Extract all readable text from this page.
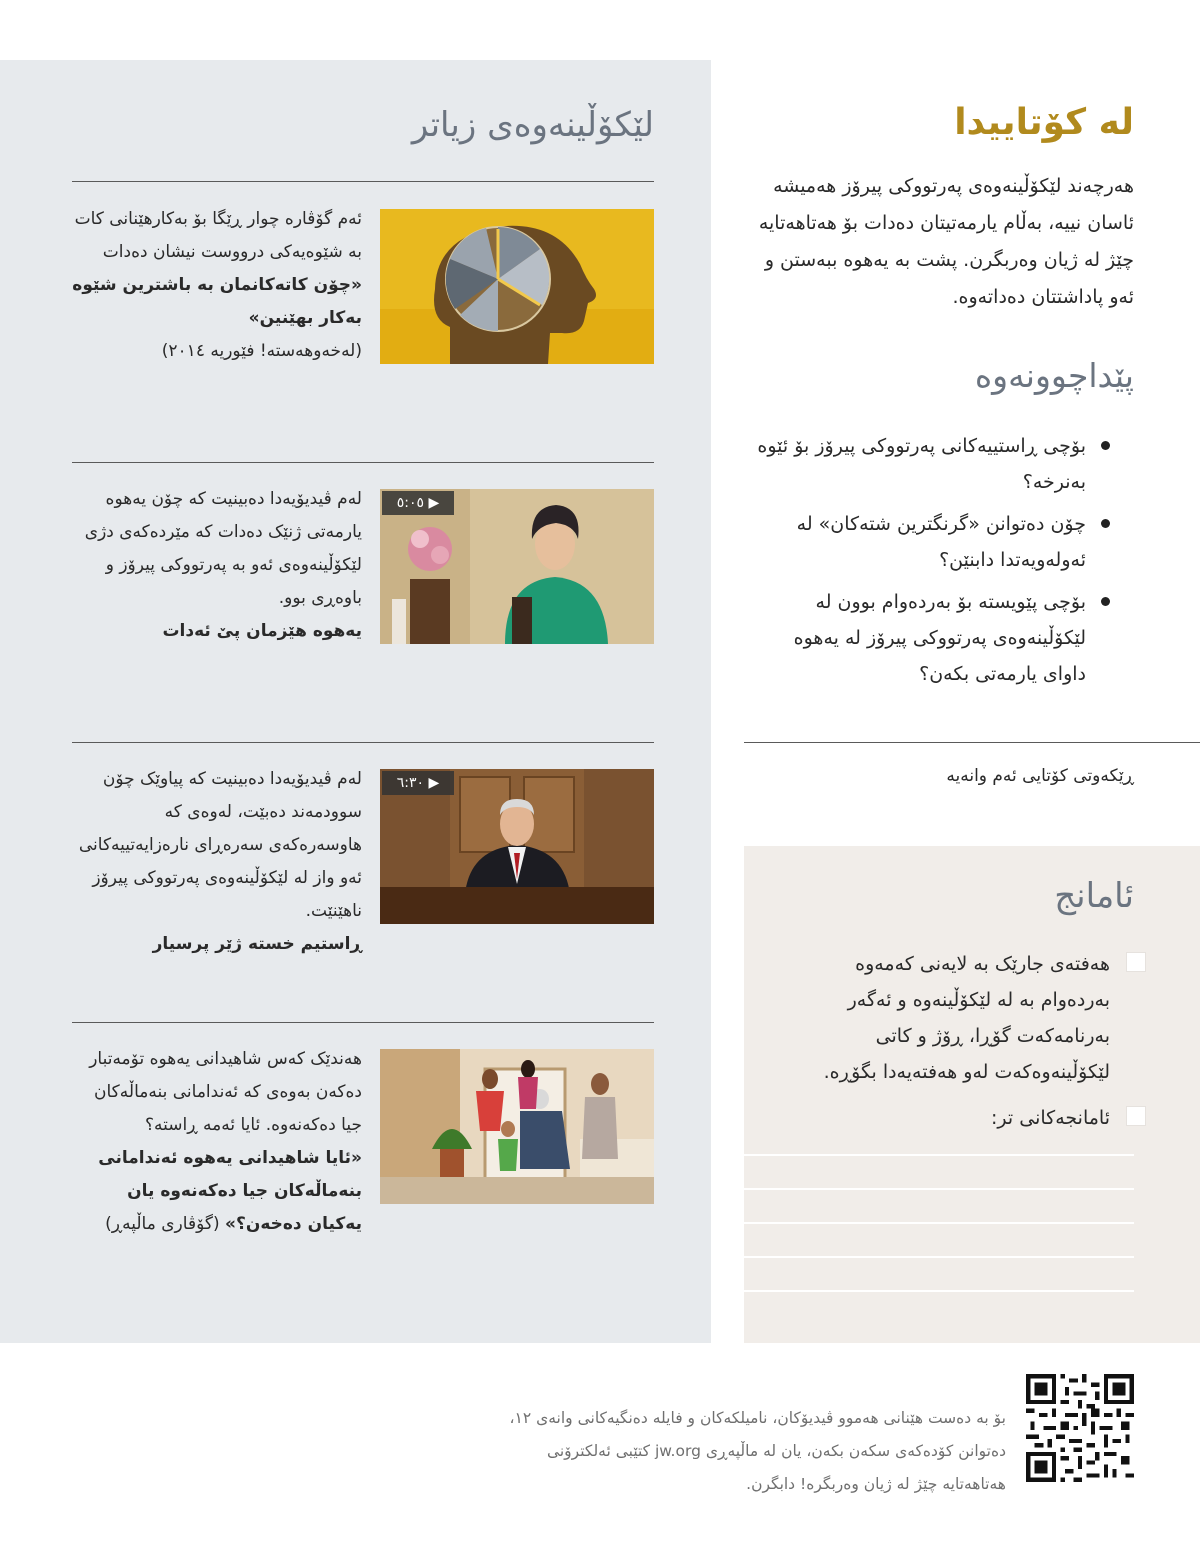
لێکۆڵینەوەی زیاتر
ئەم گۆڤارە چوار ڕێگا بۆ بەکارهێنانی کات بە شێوەیەکی درووست نیشان دەدات
«چۆن کاتەکانمان بە باشترین شێوە بەکار بهێنین»
(لەخەوهەستە!‌ فێوریە ٢٠١٤)
٥:٠٥ ▶
لەم ڤیدیۆیەدا دەبینیت کە چۆن یەهوە یارمەتی ژنێک دەدات کە مێردەکەی دژی لێکۆڵینەوەی ئەو بە پەرتووکی پیرۆز و باوەڕی بوو.
یەهوە هێزمان پێ ئەدات
٦:٣٠ ▶
لەم ڤیدیۆیەدا دەبینیت کە پیاوێک چۆن سوودمەند دەبێت، لەوەی کە هاوسەرەکەی سەرەڕای نارەزایەتییەکانی ئەو واز لە لێکۆڵینەوەی پەرتووکی پیرۆز ناهێنێت.
ڕاستیم خستە ژێر پرسیار
هەندێک کەس شاهیدانی یەهوە تۆمەتبار دەکەن بەوەی کە ئەندامانی بنەماڵەکان جیا دەکەنەوە. ئایا ئەمە ڕاستە؟
«ئایا شاهیدانی یەهوە ئەندامانی بنەماڵەکان جیا دەکەنەوە یان یەکیان دەخەن؟» (گۆڤاری ماڵپەڕ)
لە کۆتاییدا

هەرچەند لێکۆڵینەوەی پەرتووکی پیرۆز هەمیشە ئاسان نییە، بەڵام یارمەتیتان دەدات بۆ هەتاهەتایە چێژ لە ژیان وەربگرن. پشت بە یەهوە ببەستن و ئەو پاداشتتان دەداتەوە.

پێداچوونەوە
بۆچی ڕاستییەکانی پەرتووکی پیرۆز بۆ ئێوە بەنرخە؟
چۆن دەتوانن «گرنگترین شتەکان» لە ئەولەویەتدا دابنێن؟
بۆچی پێویستە بۆ بەردەوام بوون لە لێکۆڵینەوەی پەرتووکی پیرۆز لە یەهوە داوای یارمەتی بکەن؟
ڕێکەوتی کۆتایی ئەم وانەیە
ئامانج
هەفتەی جارێک بە لایەنی کەمەوە بەردەوام بە لە لێکۆڵینەوە و ئەگەر بەرنامەکەت گۆڕا، ڕۆژ و کاتی لێکۆڵینەوەکەت لەو هەفتەیەدا بگۆڕە.
ئامانجەکانی تر:
بۆ بە دەست هێنانی هەموو ڤیدیۆکان، نامیلکەکان و فایلە دەنگیەکانی وانەی ١٢، دەتوانن کۆدەکەی سکەن بکەن، یان لە ماڵپەڕی jw.org کتێبی ئەلکترۆنی هەتاهەتایە چێژ لە ژیان وەربگرە! دابگرن.
